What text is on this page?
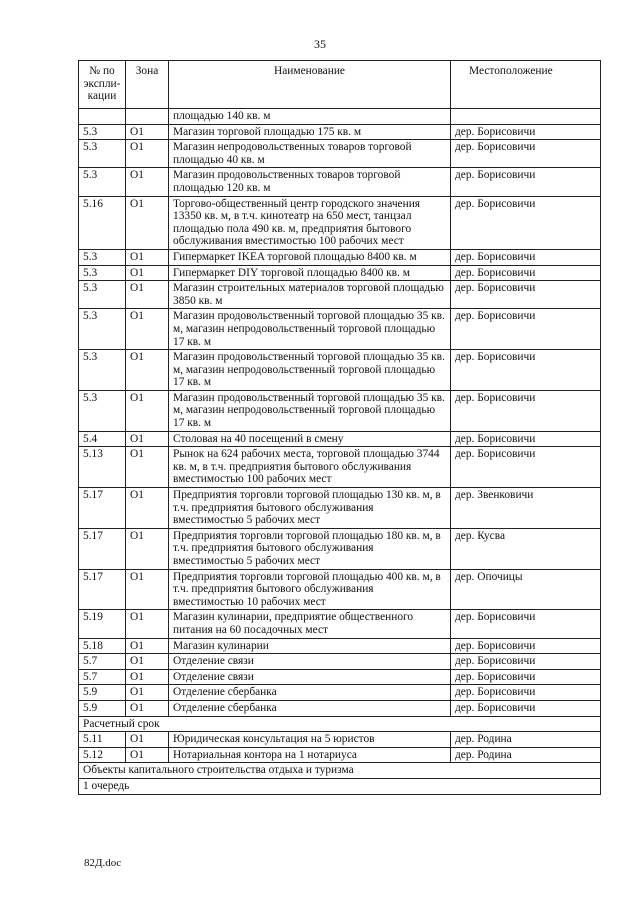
35
№ по экспли-кации	Зона	Наименование	Местоположение
		площадью 140 кв. м	
5.3	О1	Магазин торговой площадью 175 кв. м	дер. Борисовичи
5.3	О1	Магазин непродовольственных товаров торговой площадью 40 кв. м	дер. Борисовичи
5.3	О1	Магазин продовольственных товаров торговой площадью 120 кв. м	дер. Борисовичи
5.16	О1	Торгово-общественный центр городского значения 13350 кв. м, в т.ч. кинотеатр на 650 мест, танцзал площадью пола 490 кв. м, предприятия бытового обслуживания вместимостью 100 рабочих мест	дер. Борисовичи
5.3	О1	Гипермаркет IKEA торговой площадью 8400 кв. м	дер. Борисовичи
5.3	О1	Гипермаркет DIY торговой площадью 8400 кв. м	дер. Борисовичи
5.3	О1	Магазин строительных материалов торговой площадью 3850 кв. м	дер. Борисовичи
5.3	О1	Магазин продовольственный торговой площадью 35 кв. м, магазин непродовольственный торговой площадью 17 кв. м	дер. Борисовичи
5.3	О1	Магазин продовольственный торговой площадью 35 кв. м, магазин непродовольственный торговой площадью 17 кв. м	дер. Борисовичи
5.3	О1	Магазин продовольственный торговой площадью 35 кв. м, магазин непродовольственный торговой площадью 17 кв. м	дер. Борисовичи
5.4	О1	Столовая на 40 посещений в смену	дер. Борисовичи
5.13	О1	Рынок на 624 рабочих места, торговой площадью 3744 кв. м, в т.ч. предприятия бытового обслуживания вместимостью 100 рабочих мест	дер. Борисовичи
5.17	О1	Предприятия торговли торговой площадью 130 кв. м, в т.ч. предприятия бытового обслуживания вместимостью 5 рабочих мест	дер. Звенковичи
5.17	О1	Предприятия торговли торговой площадью 180 кв. м, в т.ч. предприятия бытового обслуживания вместимостью 5 рабочих мест	дер. Кусва
5.17	О1	Предприятия торговли торговой площадью 400 кв. м, в т.ч. предприятия бытового обслуживания вместимостью 10 рабочих мест	дер. Опочицы
5.19	О1	Магазин кулинарии, предприятие общественного питания на 60 посадочных мест	дер. Борисовичи
5.18	О1	Магазин кулинарии	дер. Борисовичи
5.7	О1	Отделение связи	дер. Борисовичи
5.7	О1	Отделение связи	дер. Борисовичи
5.9	О1	Отделение сбербанка	дер. Борисовичи
5.9	О1	Отделение сбербанка	дер. Борисовичи
Расчетный срок			
5.11	О1	Юридическая консультация на 5 юристов	дер. Родина
5.12	О1	Нотариальная контора на 1 нотариуса	дер. Родина
Объекты капитального строительства отдыха и туризма			
1 очередь			
82Д.doc
